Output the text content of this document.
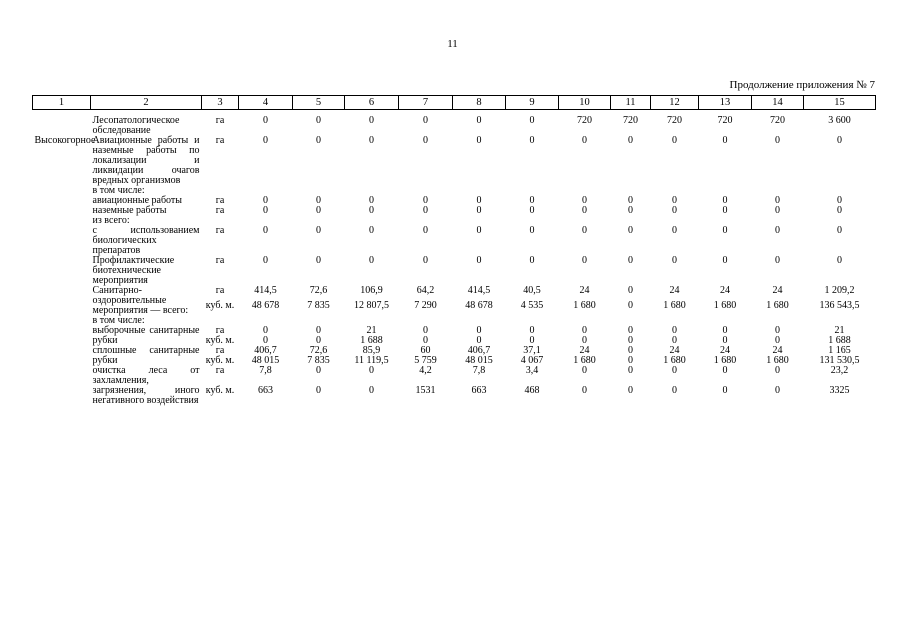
11
Продолжение приложения № 7
1	2	3	4	5	6	7	8	9	10	11	12	13	14	15
	Лесопатологическое обследование	га	0	0	0	0	0	0	720	720	720	720	720	3 600
Высокогорное	Авиационные работы и наземные работы по локализации и ликвидации очагов вредных организмов	га	0	0	0	0	0	0	0	0	0	0	0	0
	в том числе:													
	авиационные работы	га	0	0	0	0	0	0	0	0	0	0	0	0
	наземные работы	га	0	0	0	0	0	0	0	0	0	0	0	0
	из всего:													
	с использованием биологических препаратов	га	0	0	0	0	0	0	0	0	0	0	0	0
	Профилактические биотехнические мероприятия	га	0	0	0	0	0	0	0	0	0	0	0	0
	Санитарно-оздоровительные мероприятия — всего:	га	414,5	72,6	106,9	64,2	414,5	40,5	24	0	24	24	24	1 209,2
		куб. м.	48 678	7 835	12 807,5	7 290	48 678	4 535	1 680	0	1 680	1 680	1 680	136 543,5
	в том числе:													
	выборочные санитарные рубки	га	0	0	21	0	0	0	0	0	0	0	0	21
		куб. м.	0	0	1 688	0	0	0	0	0	0	0	0	1 688
	сплошные санитарные рубки	га	406,7	72,6	85,9	60	406,7	37,1	24	0	24	24	24	1 165
		куб. м.	48 015	7 835	11 119,5	5 759	48 015	4 067	1 680	0	1 680	1 680	1 680	131 530,5
	очистка леса от захламления, загрязнения, иного негативного воздействия	га	7,8	0	0	4,2	7,8	3,4	0	0	0	0	0	23,2
		куб. м.	663	0	0	1531	663	468	0	0	0	0	0	3325
